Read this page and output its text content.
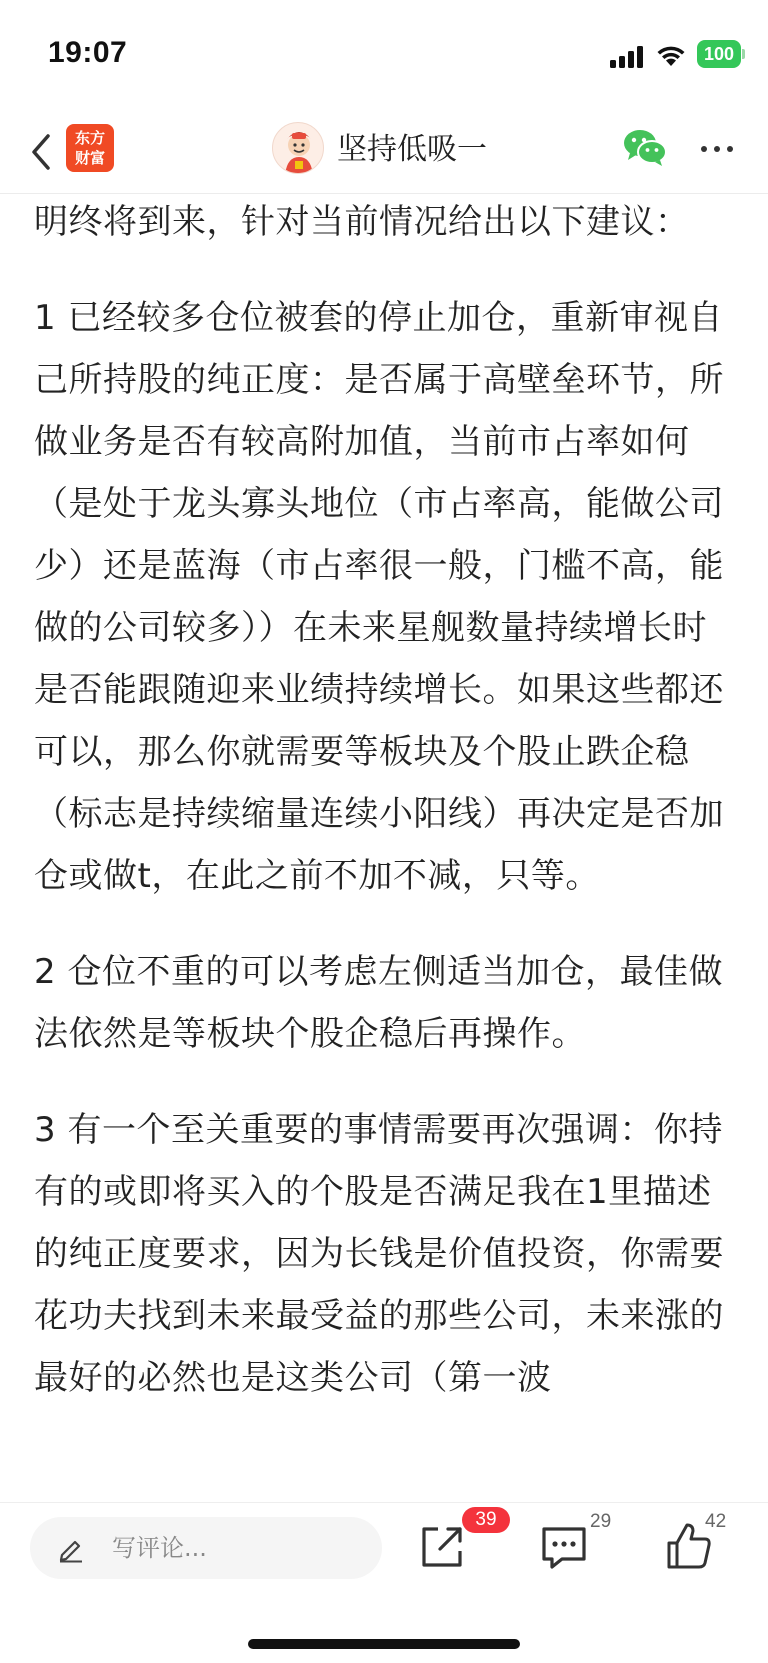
19:07	100
东方
财富	坚持低吸一

明终将到来，针对当前情况给出以下建议：

1 已经较多仓位被套的停止加仓，重新审视自己所持股的纯正度：是否属于高壁垒环节，所做业务是否有较高附加值，当前市占率如何（是处于龙头寡头地位（市占率高，能做公司少）还是蓝海（市占率很一般，门槛不高，能做的公司较多））在未来星舰数量持续增长时是否能跟随迎来业绩持续增长。如果这些都还可以，那么你就需要等板块及个股止跌企稳（标志是持续缩量连续小阳线）再决定是否加仓或做t，在此之前不加不减，只等。

2 仓位不重的可以考虑左侧适当加仓，最佳做法依然是等板块个股企稳后再操作。

3 有一个至关重要的事情需要再次强调：你持有的或即将买入的个股是否满足我在1里描述的纯正度要求，因为长钱是价值投资，你需要花功夫找到未来最受益的那些公司，未来涨的最好的必然也是这类公司（第一波

写评论...
39	29	42
